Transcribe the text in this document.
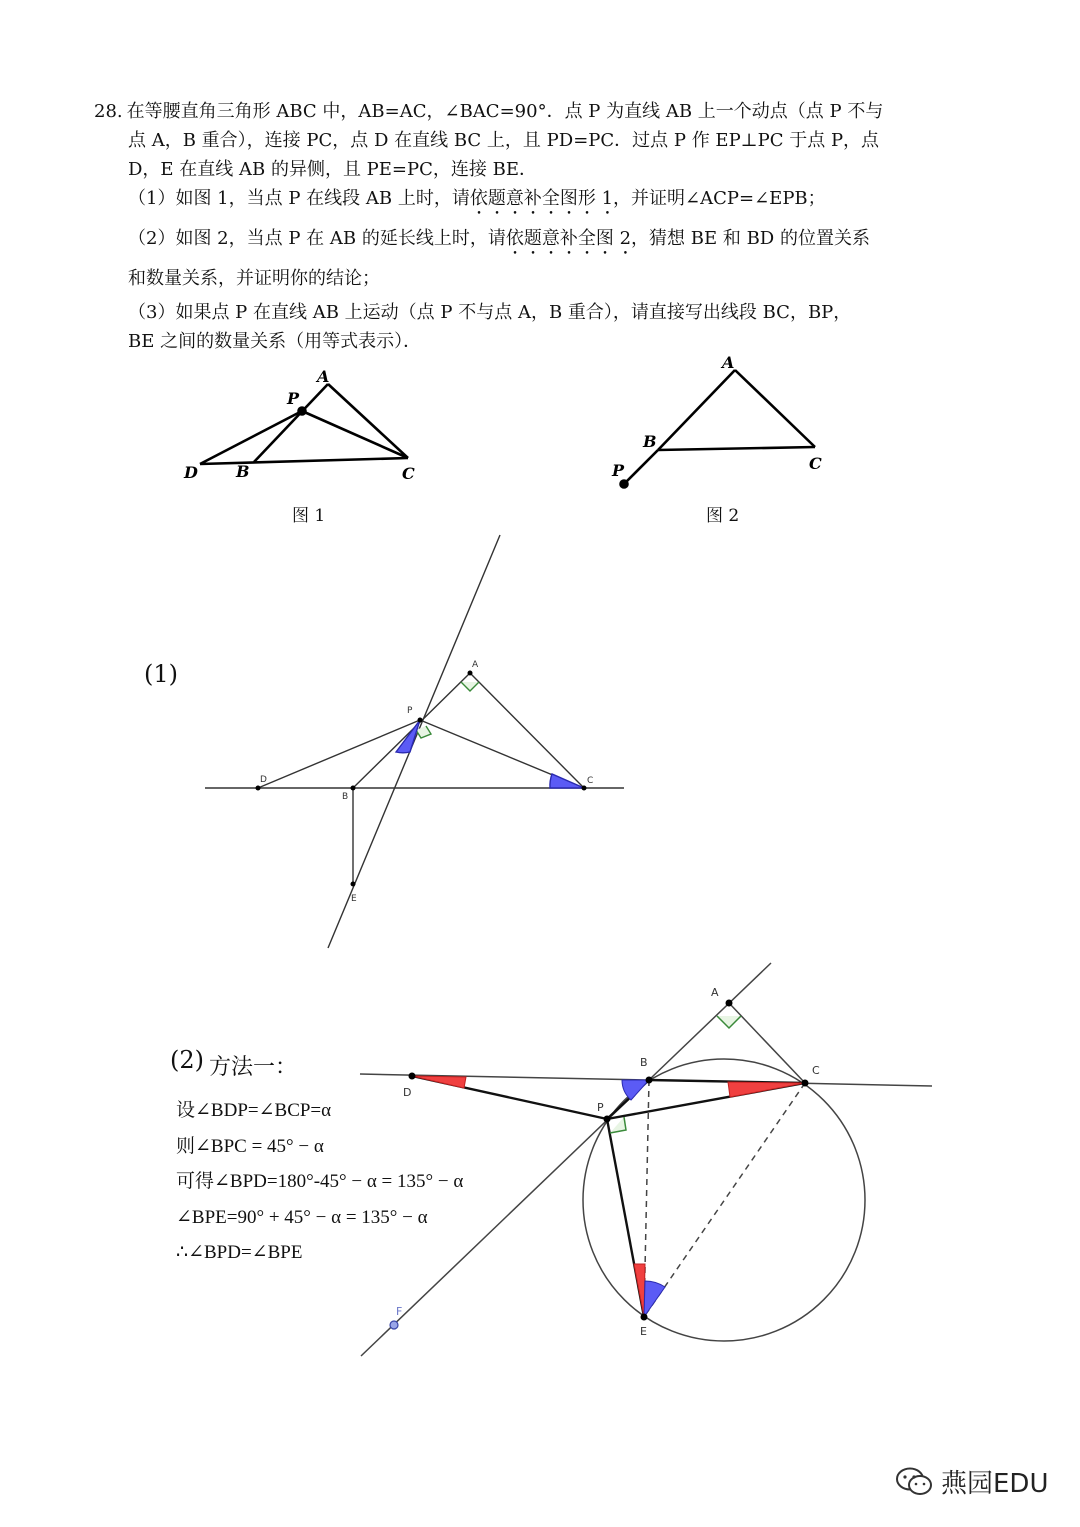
28. 在等腰直角三角形 ABC 中，AB=AC，∠BAC=90°．点 P 为直线 AB 上一个动点（点 P 不与

点 A，B 重合），连接 PC，点 D 在直线 BC 上，且 PD=PC．过点 P 作 EP⊥PC 于点 P，点

D，E 在直线 AB 的异侧，且 PE=PC，连接 BE．

（1）如图 1，当点 P 在线段 AB 上时，请依题意补全图形 1，并证明∠ACP=∠EPB；

（2）如图 2，当点 P 在 AB 的延长线上时，请依题意补全图 2，猜想 BE 和 BD 的位置关系

和数量关系，并证明你的结论；

（3）如果点 P 在直线 AB 上运动（点 P 不与点 A，B 重合），请直接写出线段 BC，BP，

BE 之间的数量关系（用等式表示）．

A
P
D B	C
A
B
C
P
A
P
D
B
C
E
A
B
C
D
P
E
F
图 1	图 2
(1)
(2) 方法一：
设∠BDP=∠BCP=α
则∠BPC = 45° − α
可得∠BPD=180°-45° − α = 135° − α
∠BPE=90° + 45° − α = 135° − α
∴∠BPD=∠BPE
燕园EDU
